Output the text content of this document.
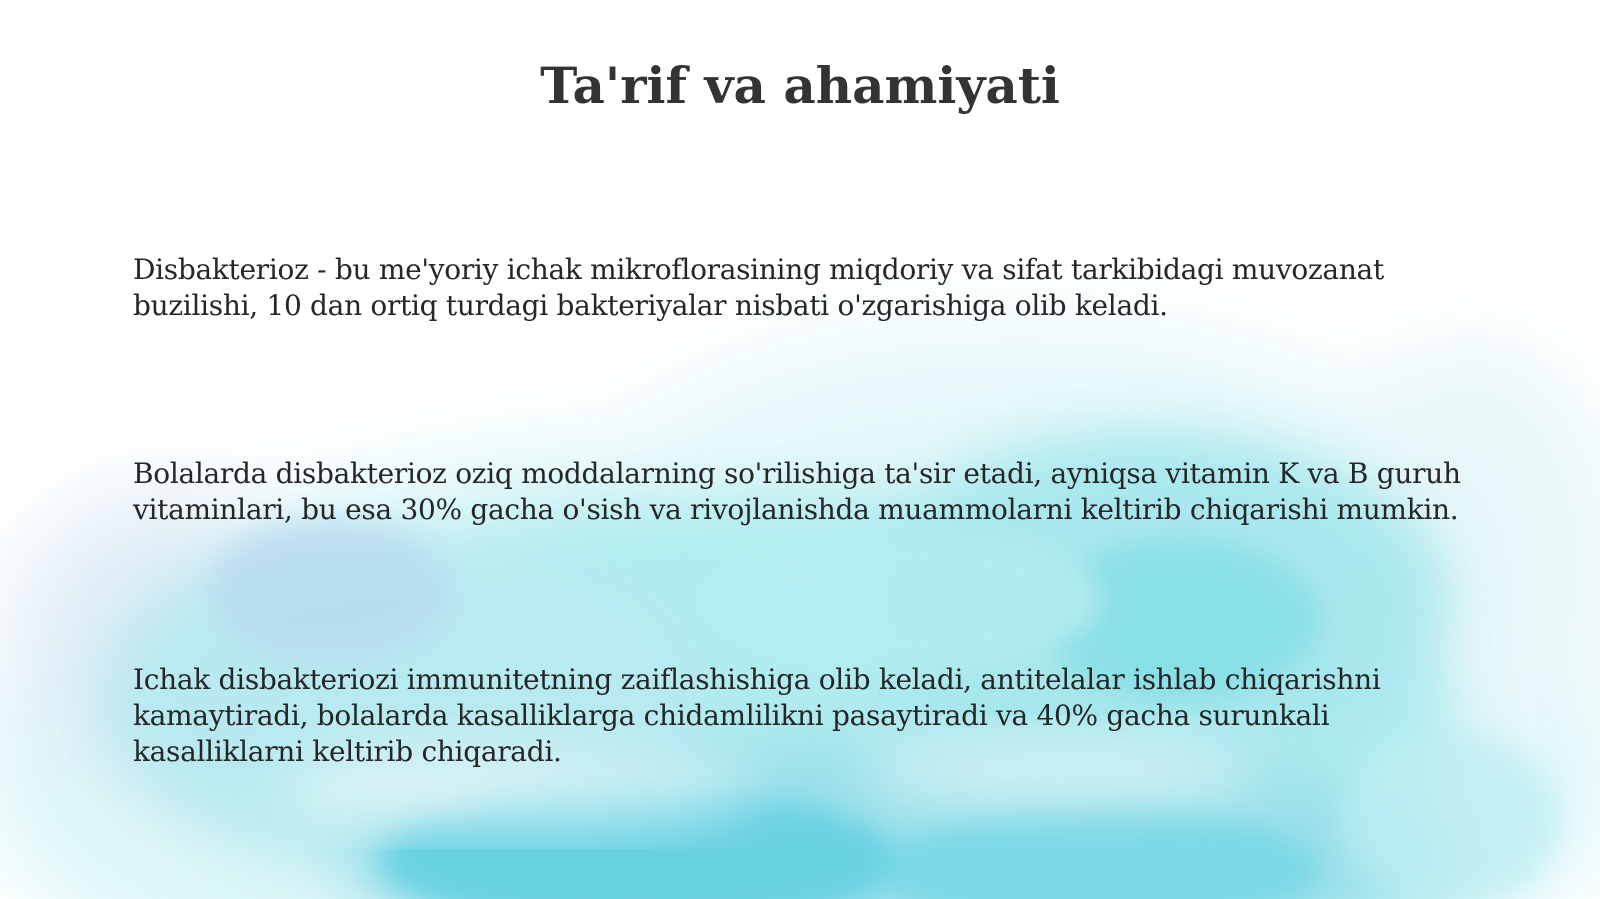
Ta'rif va ahamiyati

Disbakterioz - bu me'yoriy ichak mikroflorasining miqdoriy va sifat tarkibidagi muvozanat buzilishi, 10 dan ortiq turdagi bakteriyalar nisbati o'zgarishiga olib keladi.

Bolalarda disbakterioz oziq moddalarning so'rilishiga ta'sir etadi, ayniqsa vitamin K va B guruh vitaminlari, bu esa 30% gacha o'sish va rivojlanishda muammolarni keltirib chiqarishi mumkin.

Ichak disbakteriozi immunitetning zaiflashishiga olib keladi, antitelalar ishlab chiqarishni kamaytiradi, bolalarda kasalliklarga chidamlilikni pasaytiradi va 40% gacha surunkali kasalliklarni keltirib chiqaradi.
